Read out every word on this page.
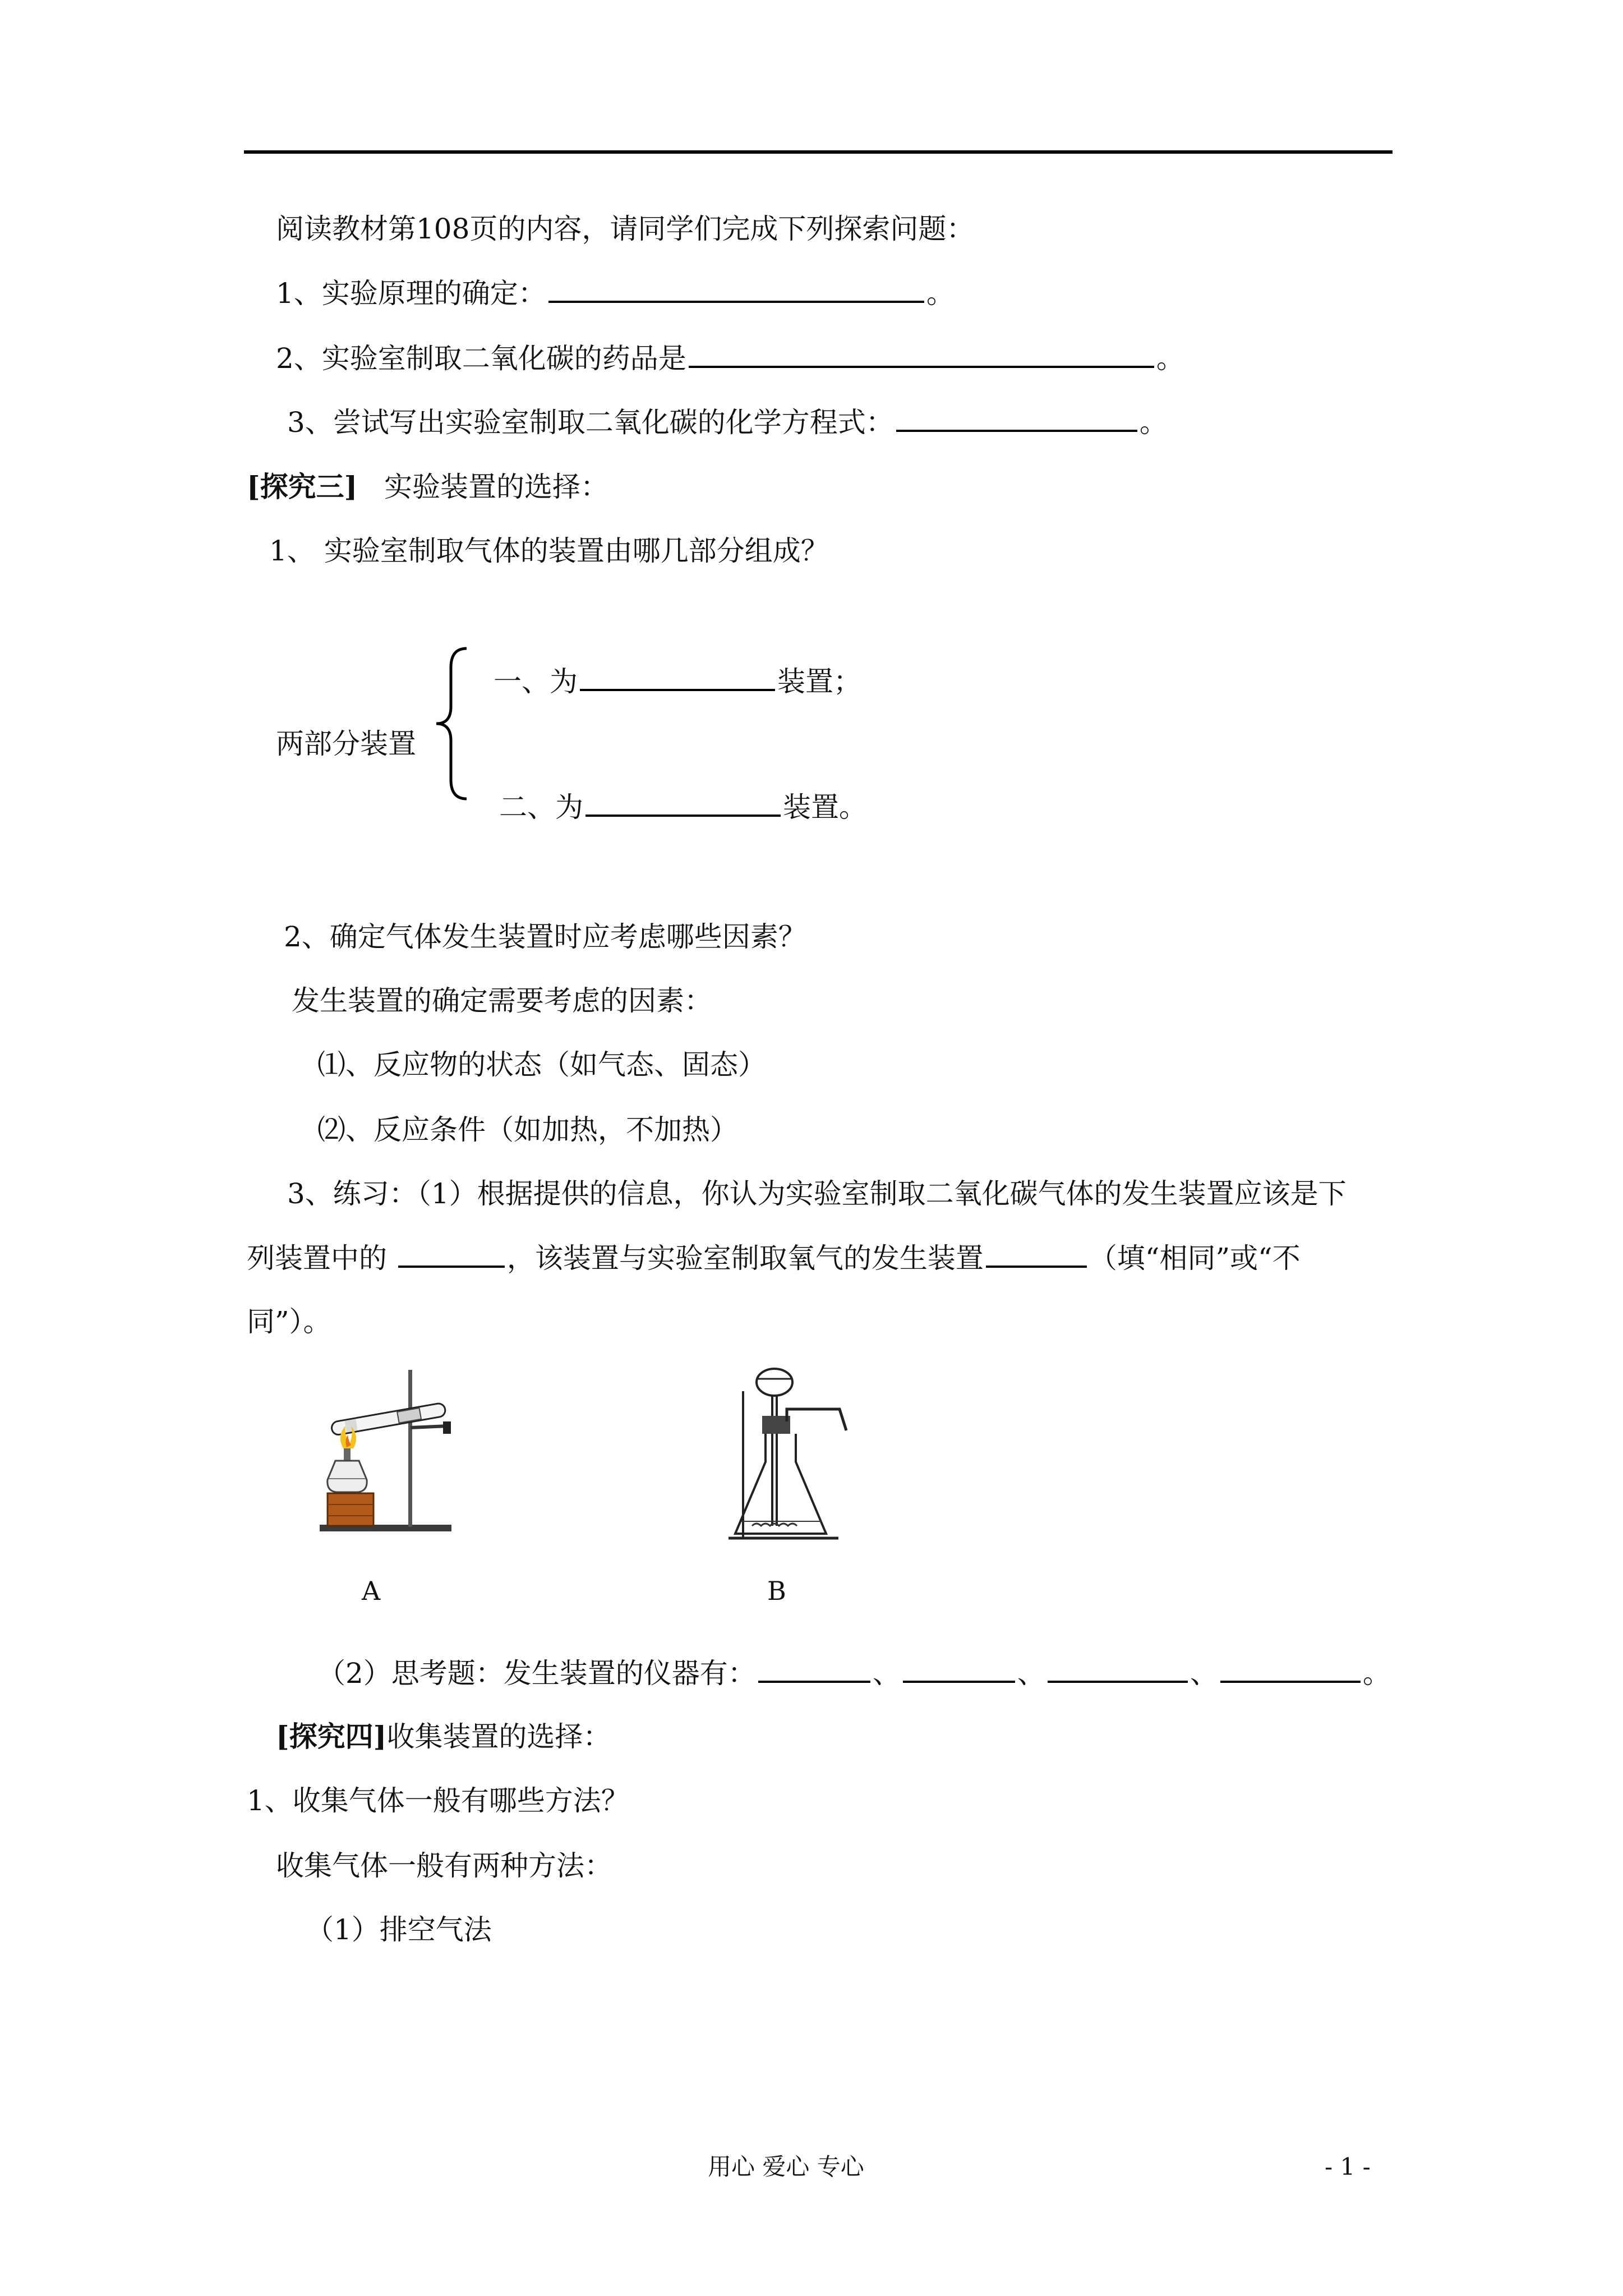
阅读教材第108页的内容，请同学们完成下列探索问题：
1、实验原理的确定：	。
2、实验室制取二氧化碳的药品是	。
3、尝试写出实验室制取二氧化碳的化学方程式：	。
[探究三] 实验装置的选择：
1、 实验室制取气体的装置由哪几部分组成？
一、为	装置；
两部分装置
二、为	装置。
2、确定气体发生装置时应考虑哪些因素？
发生装置的确定需要考虑的因素：
⑴、反应物的状态（如气态、固态）
⑵、反应条件（如加热，不加热）
3、练习：（1）根据提供的信息，你认为实验室制取二氧化碳气体的发生装置应该是下
列装置中的	，该装置与实验室制取氧气的发生装置	（填“相同”或“不
同”）。
A	B
（2）思考题：发生装置的仪器有：	、	、	、	。
[探究四]收集装置的选择：
1、收集气体一般有哪些方法？
收集气体一般有两种方法：
（1）排空气法
用心 爱心 专心	- 1 -
